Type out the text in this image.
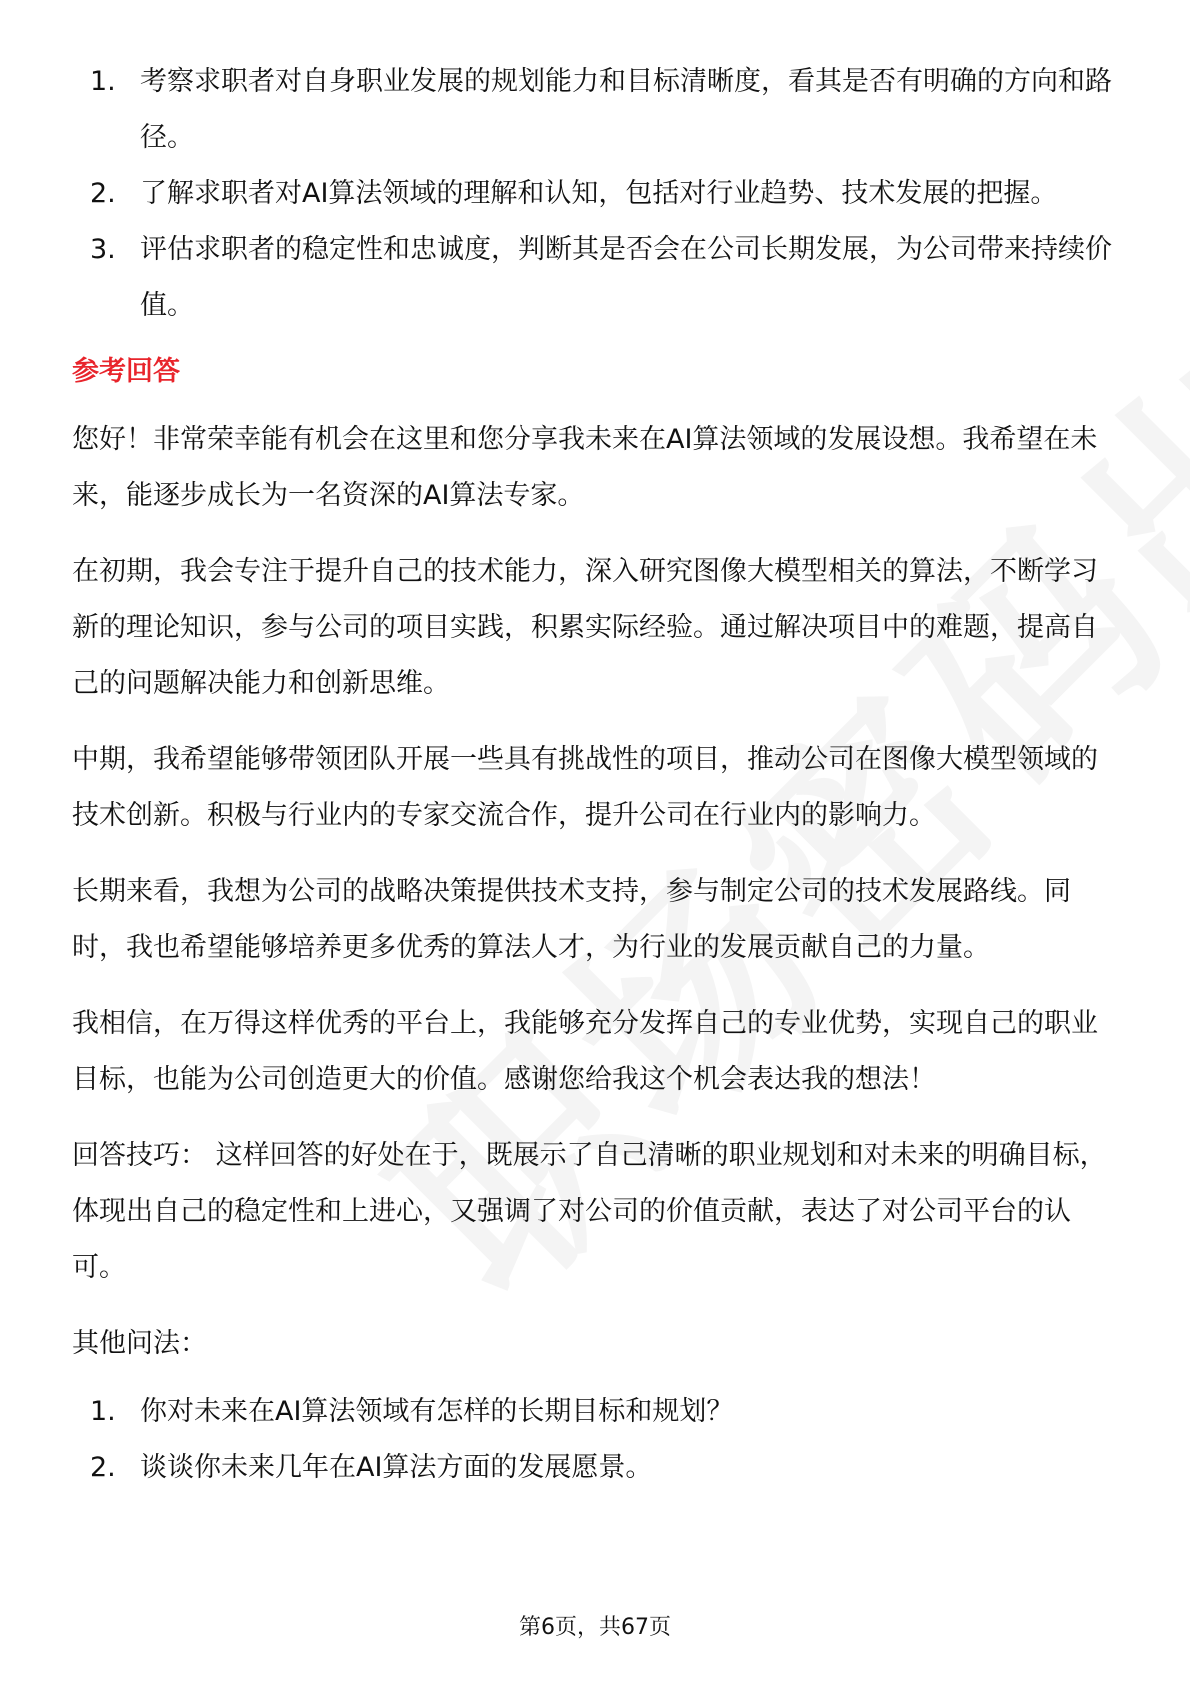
1. 考察求职者对自身职业发展的规划能力和目标清晰度，看其是否有明确的方向和路径。
2. 了解求职者对AI算法领域的理解和认知，包括对行业趋势、技术发展的把握。
3. 评估求职者的稳定性和忠诚度，判断其是否会在公司长期发展，为公司带来持续价值。
参考回答

您好！非常荣幸能有机会在这里和您分享我未来在AI算法领域的发展设想。我希望在未来，能逐步成长为一名资深的AI算法专家。

在初期，我会专注于提升自己的技术能力，深入研究图像大模型相关的算法，不断学习新的理论知识，参与公司的项目实践，积累实际经验。通过解决项目中的难题，提高自己的问题解决能力和创新思维。

中期，我希望能够带领团队开展一些具有挑战性的项目，推动公司在图像大模型领域的技术创新。积极与行业内的专家交流合作，提升公司在行业内的影响力。

长期来看，我想为公司的战略决策提供技术支持，参与制定公司的技术发展路线。同时，我也希望能够培养更多优秀的算法人才，为行业的发展贡献自己的力量。

我相信，在万得这样优秀的平台上，我能够充分发挥自己的专业优势，实现自己的职业目标，也能为公司创造更大的价值。感谢您给我这个机会表达我的想法！

回答技巧： 这样回答的好处在于，既展示了自己清晰的职业规划和对未来的明确目标，体现出自己的稳定性和上进心，又强调了对公司的价值贡献，表达了对公司平台的认可。

其他问法：

1. 你对未来在AI算法领域有怎样的长期目标和规划？
2. 谈谈你未来几年在AI算法方面的发展愿景。
第6页，共67页
